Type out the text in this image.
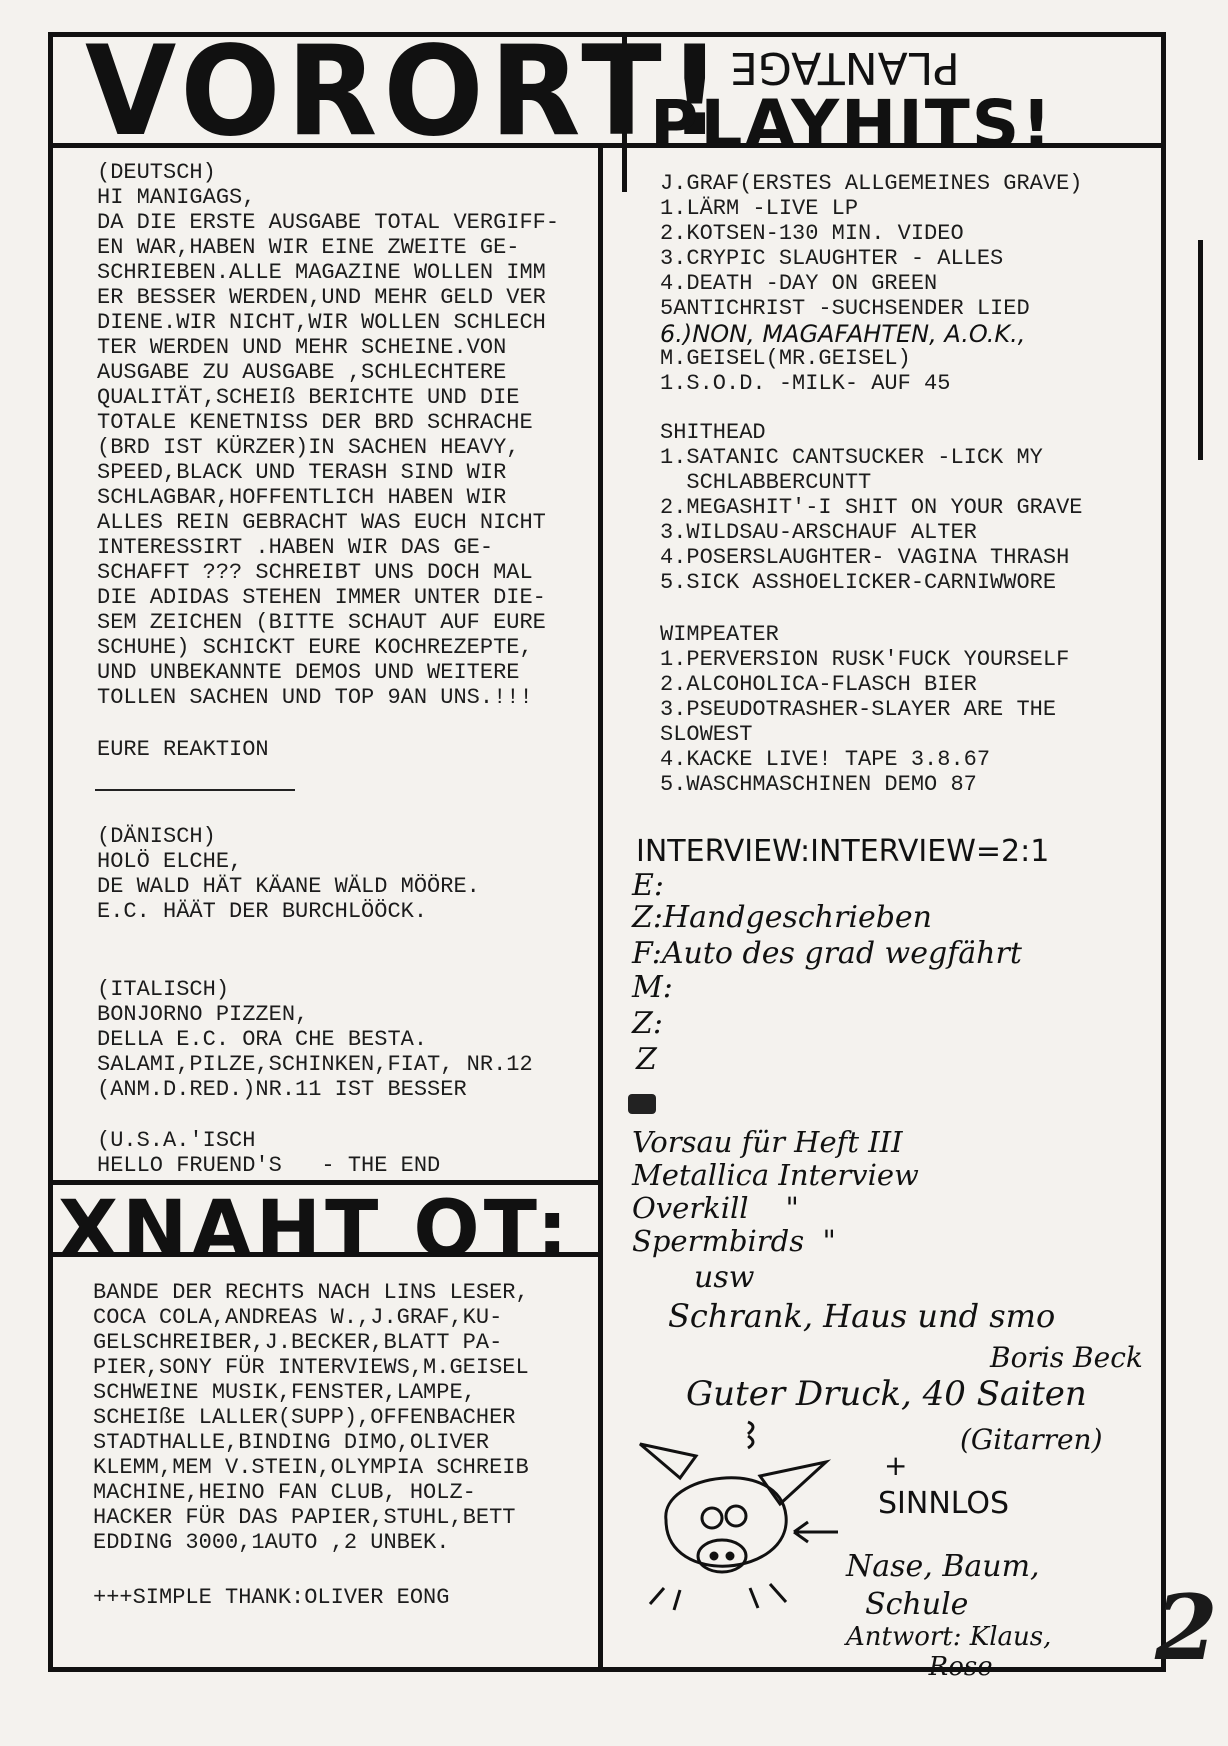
VORORT! PLANTAGE
PLAYHITS!
(DEUTSCH)
HI MANIGAGS,
DA DIE ERSTE AUSGABE TOTAL VERGIFF-
EN WAR,HABEN WIR EINE ZWEITE GE-
SCHRIEBEN.ALLE MAGAZINE WOLLEN IMM
ER BESSER WERDEN,UND MEHR GELD VER
DIENE.WIR NICHT,WIR WOLLEN SCHLECH
TER WERDEN UND MEHR SCHEINE.VON
AUSGABE ZU AUSGABE ,SCHLECHTERE
QUALITÄT,SCHEIß BERICHTE UND DIE
TOTALE KENETNISS DER BRD SCHRACHE
(BRD IST KÜRZER)IN SACHEN HEAVY,
SPEED,BLACK UND TERASH SIND WIR
SCHLAGBAR,HOFFENTLICH HABEN WIR
ALLES REIN GEBRACHT WAS EUCH NICHT
INTERESSIRT .HABEN WIR DAS GE-
SCHAFFT ??? SCHREIBT UNS DOCH MAL
DIE ADIDAS STEHEN IMMER UNTER DIE-
SEM ZEICHEN (BITTE SCHAUT AUF EURE
SCHUHE) SCHICKT EURE KOCHREZEPTE,
UND UNBEKANNTE DEMOS UND WEITERE
TOLLEN SACHEN UND TOP 9AN UNS.!!!
EURE REAKTION
(DÄNISCH)
HOLÖ ELCHE,
DE WALD HÄT KÄANE WÄLD MÖÖRE.
E.C. HÄÄT DER BURCHLÖÖCK.
(ITALISCH)
BONJORNO PIZZEN,
DELLA E.C. ORA CHE BESTA.
SALAMI,PILZE,SCHINKEN,FIAT, NR.12
(ANM.D.RED.)NR.11 IST BESSER
(U.S.A.'ISCH
HELLO FRUEND'S   - THE END
XNAHT OT:
BANDE DER RECHTS NACH LINS LESER,
COCA COLA,ANDREAS W.,J.GRAF,KU-
GELSCHREIBER,J.BECKER,BLATT PA-
PIER,SONY FÜR INTERVIEWS,M.GEISEL
SCHWEINE MUSIK,FENSTER,LAMPE,
SCHEIßE LALLER(SUPP),OFFENBACHER
STADTHALLE,BINDING DIMO,OLIVER
KLEMM,MEM V.STEIN,OLYMPIA SCHREIB
MACHINE,HEINO FAN CLUB, HOLZ-
HACKER FÜR DAS PAPIER,STUHL,BETT
EDDING 3000,1AUTO ,2 UNBEK.
+++SIMPLE THANK:OLIVER EONG
J.GRAF(ERSTES ALLGEMEINES GRAVE)
1.LÄRM -LIVE LP
2.KOTSEN-130 MIN. VIDEO
3.CRYPIC SLAUGHTER - ALLES
4.DEATH -DAY ON GREEN
5ANTICHRIST -SUCHSENDER LIED
6.)NON, MAGAFAHTEN, A.O.K.,
M.GEISEL(MR.GEISEL)
1.S.O.D. -MILK- AUF 45
SHITHEAD
1.SATANIC CANTSUCKER -LICK MY
SCHLABBERCUNTT
2.MEGASHIT'-I SHIT ON YOUR GRAVE
3.WILDSAU-ARSCHAUF ALTER
4.POSERSLAUGHTER- VAGINA THRASH
5.SICK ASSHOELICKER-CARNIWWORE
WIMPEATER
1.PERVERSION RUSK'FUCK YOURSELF
2.ALCOHOLICA-FLASCH BIER
3.PSEUDOTRASHER-SLAYER ARE THE
SLOWEST
4.KACKE LIVE! TAPE 3.8.67
5.WASCHMASCHINEN DEMO 87
INTERVIEW:INTERVIEW=2:1
E:
Z:Handgeschrieben
F:Auto des grad wegfährt
M:
Z:
Z
Vorsau für Heft III
Metallica Interview
Overkill    "
Spermbirds  "
usw
Schrank, Haus und smo
Boris Beck
Guter Druck, 40 Saiten
(Gitarren)
+
SINNLOS
Nase, Baum,
Schule
Antwort: Klaus,
Rose	2
